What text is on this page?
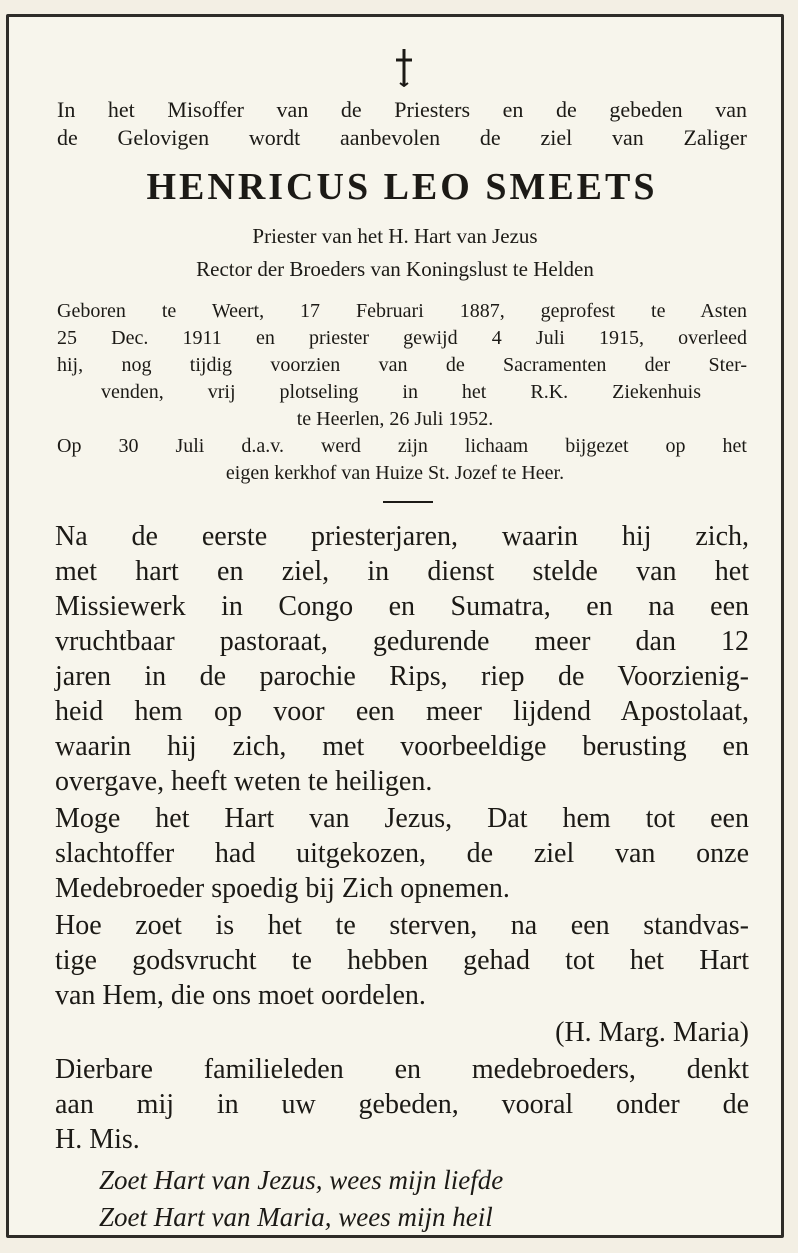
In het Misoffer van de Priesters en de gebeden van
de Gelovigen wordt aanbevolen de ziel van Zaliger
HENRICUS LEO SMEETS
Priester van het H. Hart van Jezus
Rector der Broeders van Koningslust te Helden
Geboren te Weert, 17 Februari 1887, geprofest te Asten
25 Dec. 1911 en priester gewijd 4 Juli 1915, overleed
hij, nog tijdig voorzien van de Sacramenten der Ster-
venden, vrij plotseling in het R.K. Ziekenhuis
te Heerlen, 26 Juli 1952.
Op 30 Juli d.a.v. werd zijn lichaam bijgezet op het
eigen kerkhof van Huize St. Jozef te Heer.
Na de eerste priesterjaren, waarin hij zich,
met hart en ziel, in dienst stelde van het
Missiewerk in Congo en Sumatra, en na een
vruchtbaar pastoraat, gedurende meer dan 12
jaren in de parochie Rips, riep de Voorzienig-
heid hem op voor een meer lijdend Apostolaat,
waarin hij zich, met voorbeeldige berusting en
overgave, heeft weten te heiligen.
Moge het Hart van Jezus, Dat hem tot een
slachtoffer had uitgekozen, de ziel van onze
Medebroeder spoedig bij Zich opnemen.
Hoe zoet is het te sterven, na een standvas-
tige godsvrucht te hebben gehad tot het Hart
van Hem, die ons moet oordelen.
(H. Marg. Maria)
Dierbare familieleden en medebroeders, denkt
aan mij in uw gebeden, vooral onder de
H. Mis.
Zoet Hart van Jezus, wees mijn liefde
Zoet Hart van Maria, wees mijn heil
